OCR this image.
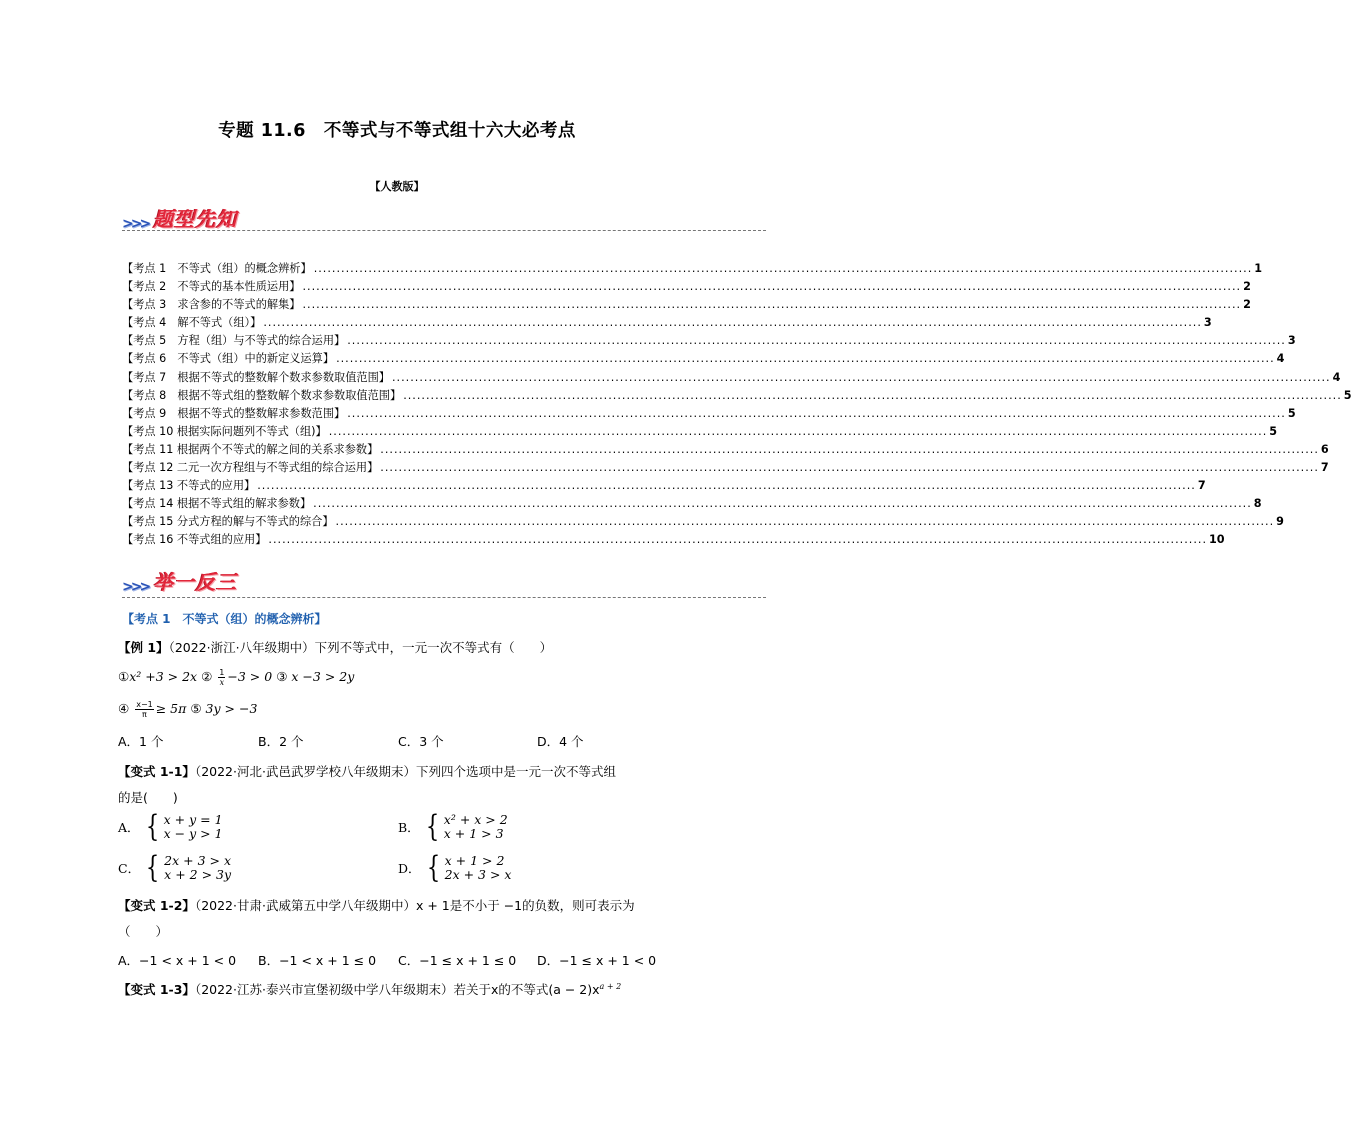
专题 11.6　不等式与不等式组十六大必考点
【人教版】
>>> 题型先知
【考点 1　不等式（组）的概念辨析】 .............................................................................................................................................................................................................. 1
【考点 2　不等式的基本性质运用】 .............................................................................................................................................................................................................. 2
【考点 3　求含参的不等式的解集】 .............................................................................................................................................................................................................. 2
【考点 4　解不等式（组）】 .............................................................................................................................................................................................................. 3
【考点 5　方程（组）与不等式的综合运用】 .............................................................................................................................................................................................................. 3
【考点 6　不等式（组）中的新定义运算】 .............................................................................................................................................................................................................. 4
【考点 7　根据不等式的整数解个数求参数取值范围】 .............................................................................................................................................................................................................. 4
【考点 8　根据不等式组的整数解个数求参数取值范围】 .............................................................................................................................................................................................................. 5
【考点 9　根据不等式的整数解求参数范围】 .............................................................................................................................................................................................................. 5
【考点 10 根据实际问题列不等式（组)】 .............................................................................................................................................................................................................. 5
【考点 11 根据两个不等式的解之间的关系求参数】 .............................................................................................................................................................................................................. 6
【考点 12 二元一次方程组与不等式组的综合运用】 .............................................................................................................................................................................................................. 7
【考点 13 不等式的应用】 .............................................................................................................................................................................................................. 7
【考点 14 根据不等式组的解求参数】 .............................................................................................................................................................................................................. 8
【考点 15 分式方程的解与不等式的综合】 .............................................................................................................................................................................................................. 9
【考点 16 不等式组的应用】 .............................................................................................................................................................................................................. 10
>>> 举一反三
【考点 1　不等式（组）的概念辨析】
【例 1】（2022·浙江·八年级期中）下列不等式中，一元一次不等式有（　　）
①x² +3 > 2x ② $\frac{1}{x} -3 > 0$ ③ x −3 > 2y
④ $\frac{x-1}{\pi} \ge 5\pi$ ⑤ 3y > −3
A．1 个	B．2 个	C．3 个	D．4 个
【变式 1-1】（2022·河北·武邑武罗学校八年级期末）下列四个选项中是一元一次不等式组
的是(　　)
A． { x + y = 1
x − y > 1	B． { x² + x > 2
x + 1 > 3
C． { 2x + 3 > x
x + 2 > 3y	D． { x + 1 > 2
2x + 3 > x
【变式 1-2】（2022·甘肃·武威第五中学八年级期中）x + 1是不小于 −1的负数，则可表示为
（　　）
A．−1 < x + 1 < 0 B．−1 < x + 1 ≤ 0 C．−1 ≤ x + 1 ≤ 0 D．−1 ≤ x + 1 < 0
【变式 1-3】（2022·江苏·泰兴市宣堡初级中学八年级期末）若关于x的不等式$(a - 2)x^{a + 2}$
